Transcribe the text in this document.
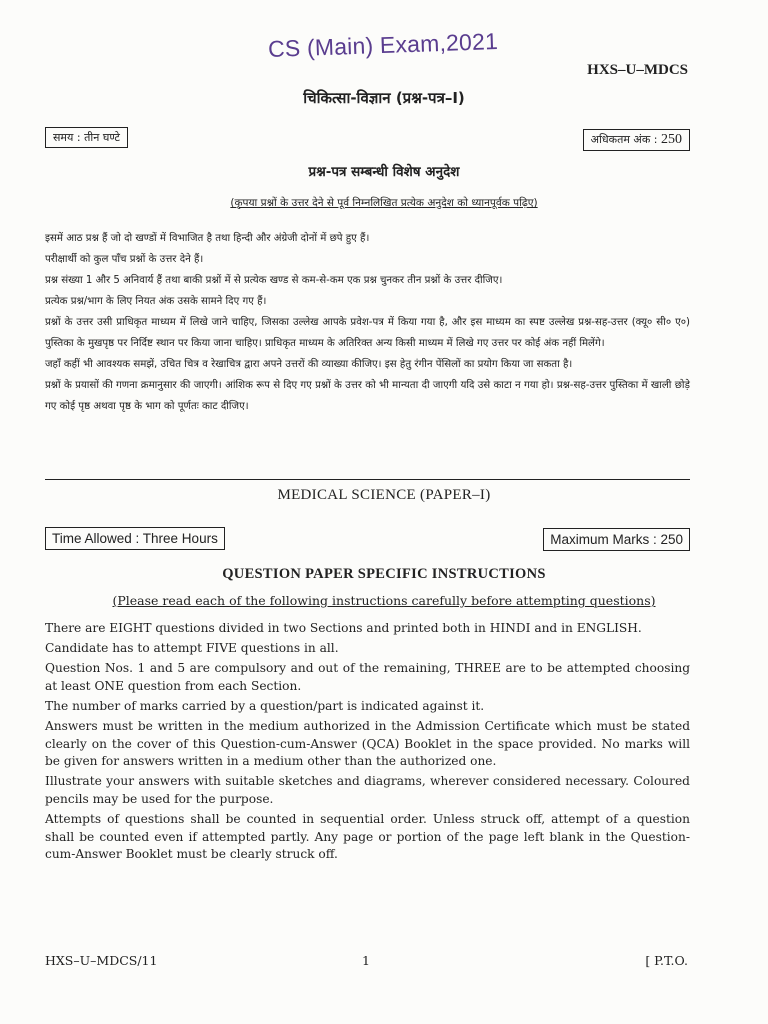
CS (Main) Exam,2021
HXS–U–MDCS
चिकित्सा-विज्ञान (प्रश्न-पत्र–I)
समय : तीन घण्टे	अधिकतम अंक : 250
प्रश्न-पत्र सम्बन्धी विशेष अनुदेश
(कृपया प्रश्नों के उत्तर देने से पूर्व निम्नलिखित प्रत्येक अनुदेश को ध्यानपूर्वक पढ़िए)

इसमें आठ प्रश्न हैं जो दो खण्डों में विभाजित है तथा हिन्दी और अंग्रेजी दोनों में छपे हुए हैं।

परीक्षार्थी को कुल पाँच प्रश्नों के उत्तर देने हैं।

प्रश्न संख्या 1 और 5 अनिवार्य हैं तथा बाकी प्रश्नों में से प्रत्येक खण्ड से कम-से-कम एक प्रश्न चुनकर तीन प्रश्नों के उत्तर दीजिए।

प्रत्येक प्रश्न/भाग के लिए नियत अंक उसके सामने दिए गए हैं।

प्रश्नों के उत्तर उसी प्राधिकृत माध्यम में लिखे जाने चाहिए, जिसका उल्लेख आपके प्रवेश-पत्र में किया गया है, और इस माध्यम का स्पष्ट उल्लेख प्रश्न-सह-उत्तर (क्यू० सी० ए०) पुस्तिका के मुखपृष्ठ पर निर्दिष्ट स्थान पर किया जाना चाहिए। प्राधिकृत माध्यम के अतिरिक्त अन्य किसी माध्यम में लिखे गए उत्तर पर कोई अंक नहीं मिलेंगे।

जहाँ कहीं भी आवश्यक समझें, उचित चित्र व रेखाचित्र द्वारा अपने उत्तरों की व्याख्या कीजिए। इस हेतु रंगीन पेंसिलों का प्रयोग किया जा सकता है।

प्रश्नों के प्रयासों की गणना क्रमानुसार की जाएगी। आंशिक रूप से दिए गए प्रश्नों के उत्तर को भी मान्यता दी जाएगी यदि उसे काटा न गया हो। प्रश्न-सह-उत्तर पुस्तिका में खाली छोड़े गए कोई पृष्ठ अथवा पृष्ठ के भाग को पूर्णतः काट दीजिए।

MEDICAL SCIENCE (PAPER–I)
Time Allowed : Three Hours	Maximum Marks : 250
QUESTION PAPER SPECIFIC INSTRUCTIONS
(Please read each of the following instructions carefully before attempting questions)

There are EIGHT questions divided in two Sections and printed both in HINDI and in ENGLISH.

Candidate has to attempt FIVE questions in all.

Question Nos. 1 and 5 are compulsory and out of the remaining, THREE are to be attempted choosing at least ONE question from each Section.

The number of marks carried by a question/part is indicated against it.

Answers must be written in the medium authorized in the Admission Certificate which must be stated clearly on the cover of this Question-cum-Answer (QCA) Booklet in the space provided. No marks will be given for answers written in a medium other than the authorized one.

Illustrate your answers with suitable sketches and diagrams, wherever considered necessary. Coloured pencils may be used for the purpose.

Attempts of questions shall be counted in sequential order. Unless struck off, attempt of a question shall be counted even if attempted partly. Any page or portion of the page left blank in the Question-cum-Answer Booklet must be clearly struck off.

HXS–U–MDCS/11	1	[ P.T.O.
